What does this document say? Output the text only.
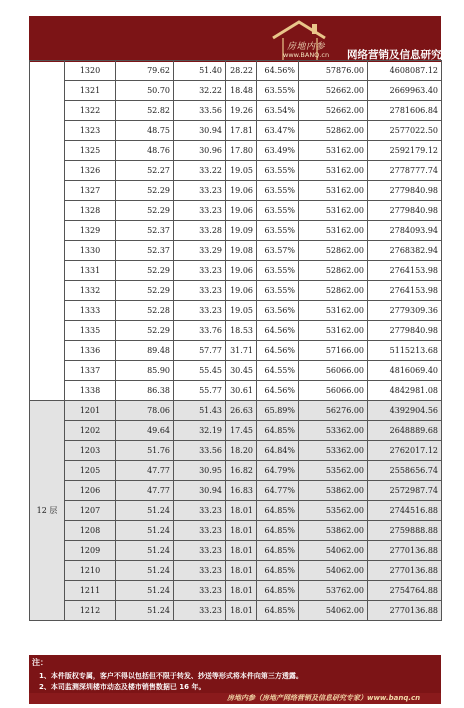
房地内参
www.BANQ.cn 网络营销及信息研究专家
	1320	79.62	51.40	28.22	64.56%	57876.00	4608087.12
	1321	50.70	32.22	18.48	63.55%	52662.00	2669963.40
	1322	52.82	33.56	19.26	63.54%	52662.00	2781606.84
	1323	48.75	30.94	17.81	63.47%	52862.00	2577022.50
	1325	48.76	30.96	17.80	63.49%	53162.00	2592179.12
	1326	52.27	33.22	19.05	63.55%	53162.00	2778777.74
	1327	52.29	33.23	19.06	63.55%	53162.00	2779840.98
	1328	52.29	33.23	19.06	63.55%	53162.00	2779840.98
	1329	52.37	33.28	19.09	63.55%	53162.00	2784093.94
	1330	52.37	33.29	19.08	63.57%	52862.00	2768382.94
	1331	52.29	33.23	19.06	63.55%	52862.00	2764153.98
	1332	52.29	33.23	19.06	63.55%	52862.00	2764153.98
	1333	52.28	33.23	19.05	63.56%	53162.00	2779309.36
	1335	52.29	33.76	18.53	64.56%	53162.00	2779840.98
	1336	89.48	57.77	31.71	64.56%	57166.00	5115213.68
	1337	85.90	55.45	30.45	64.55%	56066.00	4816069.40
	1338	86.38	55.77	30.61	64.56%	56066.00	4842981.08
12 层	1201	78.06	51.43	26.63	65.89%	56276.00	4392904.56
	1202	49.64	32.19	17.45	64.85%	53362.00	2648889.68
	1203	51.76	33.56	18.20	64.84%	53362.00	2762017.12
	1205	47.77	30.95	16.82	64.79%	53562.00	2558656.74
	1206	47.77	30.94	16.83	64.77%	53862.00	2572987.74
	1207	51.24	33.23	18.01	64.85%	53562.00	2744516.88
	1208	51.24	33.23	18.01	64.85%	53862.00	2759888.88
	1209	51.24	33.23	18.01	64.85%	54062.00	2770136.88
	1210	51.24	33.23	18.01	64.85%	54062.00	2770136.88
	1211	51.24	33.23	18.01	64.85%	53762.00	2754764.88
	1212	51.24	33.23	18.01	64.85%	54062.00	2770136.88
注：
1、本件版权专属，客户不得以包括但不限于转发、抄送等形式将本件向第三方透露。
2、本司监测深圳楼市动态及楼市销售数据已 16 年。
房地内参（房地产网络营销及信息研究专家）www.banq.cn
